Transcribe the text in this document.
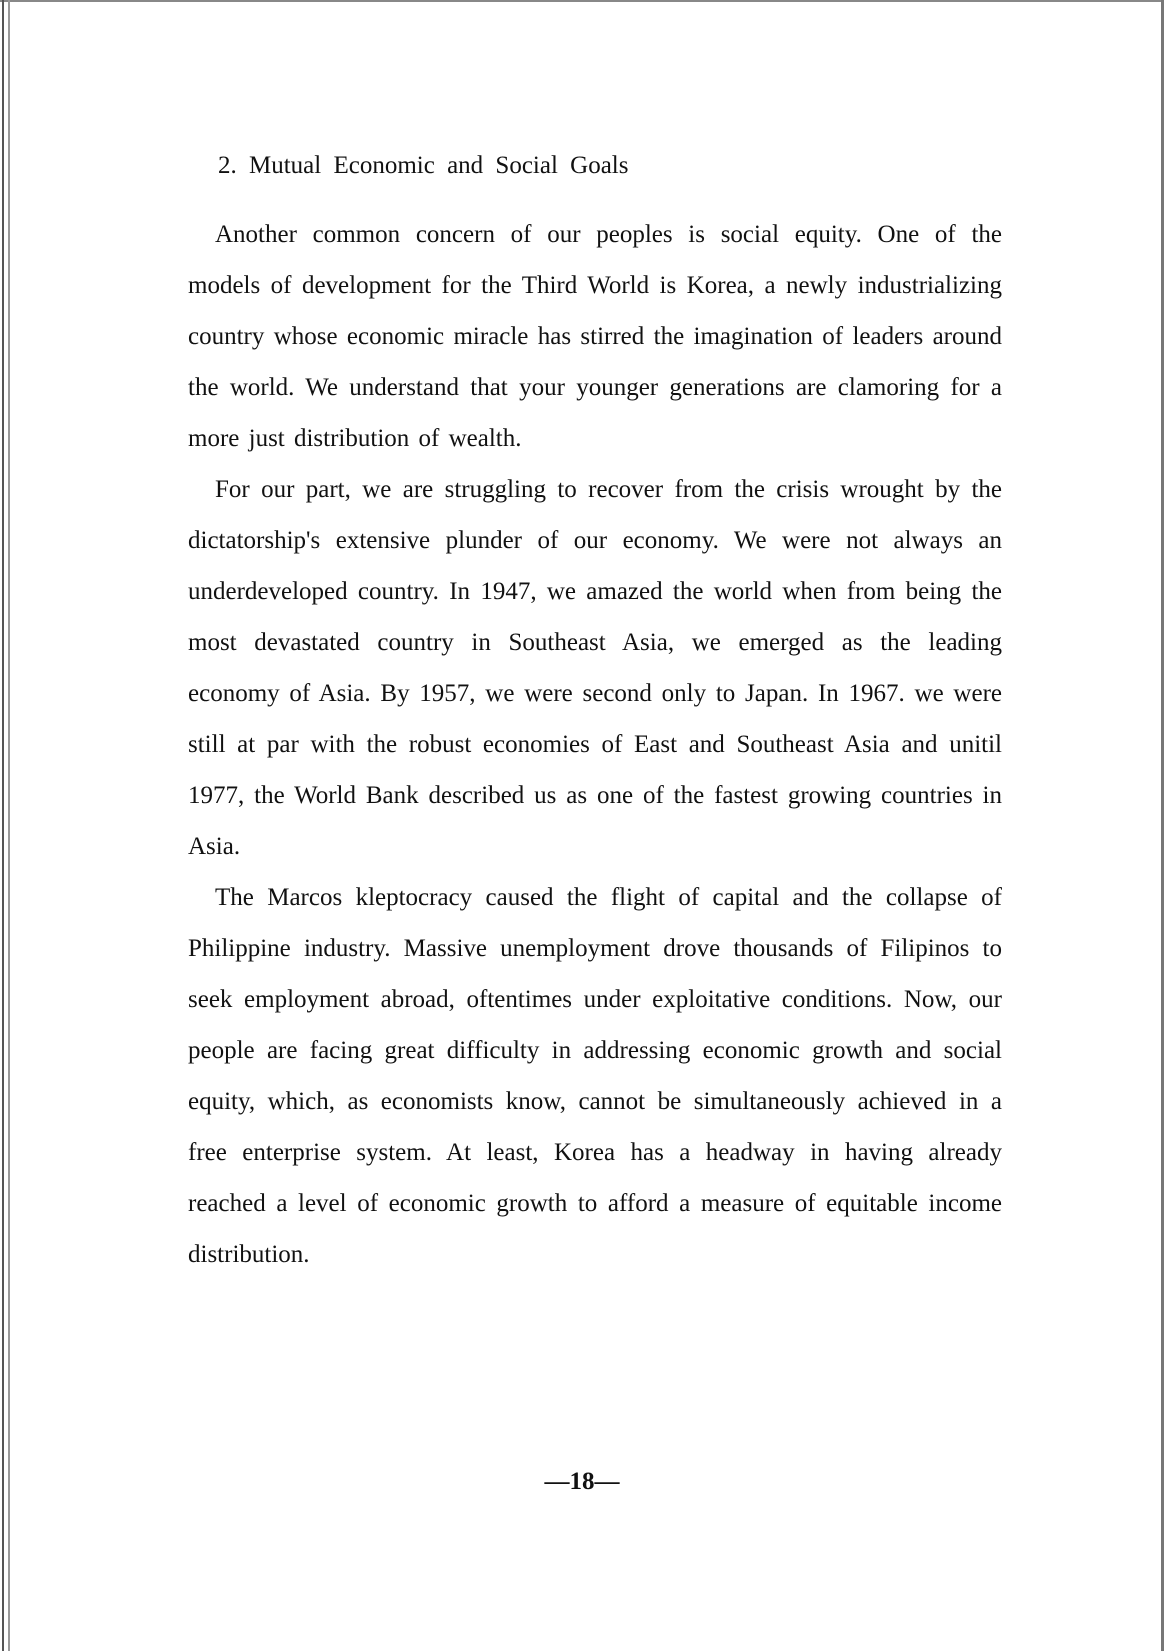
2. Mutual Economic and Social Goals

Another common concern of our peoples is social equity. One of the models of development for the Third World is Korea, a newly industrializing country whose economic miracle has stirred the imagination of leaders around the world. We understand that your younger generations are clamoring for a more just distribution of wealth.

For our part, we are struggling to recover from the crisis wrought by the dictatorship's extensive plunder of our economy. We were not always an underdeveloped country. In 1947, we amazed the world when from being the most devastated country in Southeast Asia, we emerged as the leading economy of Asia. By 1957, we were second only to Japan. In 1967. we were still at par with the robust economies of East and Southeast Asia and unitil 1977, the World Bank described us as one of the fastest growing countries in Asia.

The Marcos kleptocracy caused the flight of capital and the collapse of Philippine industry. Massive unemployment drove thousands of Filipinos to seek employment abroad, oftentimes under exploitative conditions. Now, our people are facing great difficulty in addressing economic growth and social equity, which, as economists know, cannot be simultaneously achieved in a free enterprise system. At least, Korea has a headway in having already reached a level of economic growth to afford a measure of equitable income distribution.

—18—
